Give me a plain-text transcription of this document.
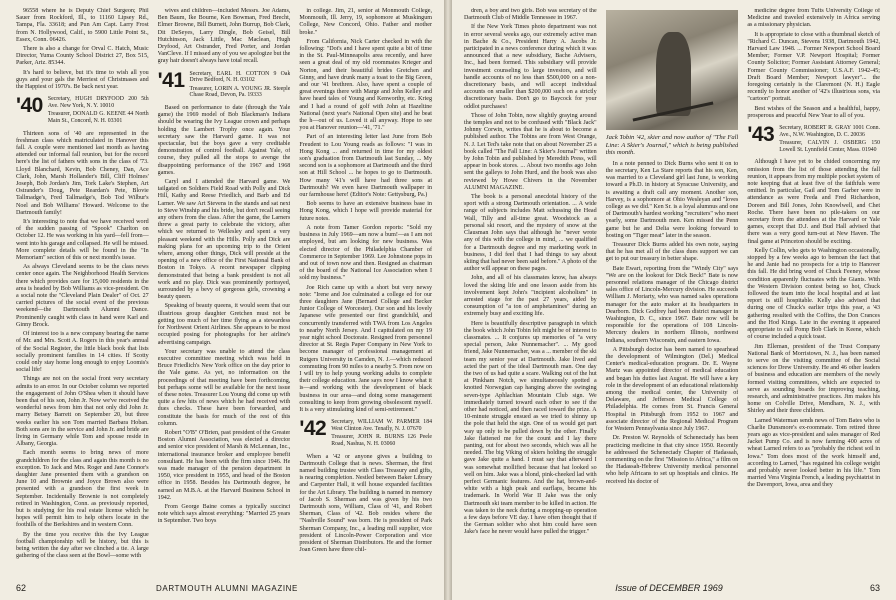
96558 where he is Deputy Chief Surgeon; Phil Sauer from Rockford, Ill., to 11160 Lipsey Rd., Tampa, Fla. 33618; and Pun Am Capt. Larry Frost from N. Hollywood, Calif., to 5900 Little Point St., Essex, Conn. 06426.

There is also a change for Orval C. Hatch, Music Director, Yuma County School District 27, Box 515, Parker, Ariz. 85344.

It's hard to believe, but it's time to wish all you guys and your gals the Merriest of Christmases and the Happiest of 1970's. Be back next year.

'40 Secretary, HUGH DRYFOOD 200 5th Ave. New York, N. Y. 10010
Treasurer, DONALD G. KEENE 44 North Main St., Concord, N. H. 03301

Thirteen sons of '40 are represented in the freshman class which matriculated in Hanover this fall. A couple were mentioned last month as having attended our informal fall reunion, but for the record here's the list of fathers with sons in the class of '73. Lloyd Blanchard, Kevin, Bob Cheney, Dan, Ace Clark, John, Marsh Hollander's Bill, Cliff Holmes' Joseph, Bob Jordan's Jim, Tork Lake's Stephen, Art Ostrander's Doug, Pete Reardan's Pete, Blovie Tallmadge's, Fred Tallmadge's, Bob Tod Wilbur's Noel and Bob Williams' Howard. Welcome to the Dartmouth family!

It's interesting to note that we have received word of the sudden passing of "Spook" Charlton on October 12. He was working in his yard—fell from—went into his garage and collapsed. He will be missed. More complete details will be found in the "In Memoriam" section of this or next month's issue.

As always Cleveland seems to be the class news center once again. The Neighborhood Health Services there which provides care for 15,000 residents in the area is headed by Bob Williams as vice-president. On a social note the "Cleveland Plain Dealer" of Oct. 27 carried pictures of the social event of the previous weekend—the Dartmouth Alumni Dance. Prominently caught with class in hand were Karl and Ginny Brock.

Of interest too is a new company bearing the name of Mr. and Mrs. Scott A. Rogers in this year's annual of the Social Register, the little black book that lists socially prominent families in 14 cities. If Scotty could only stay home long enough to enjoy Loomis's social life!

Things are not on the social front very secretary admits to an error. In our October column we reported the engagement of John O'Shea when it should have been that of his son, John Jr. Now we've received the wonderful news from him that not only did John Jr. marry Betsey Barrett on September 20, but three weeks earlier his son Tom married Barbara Hoban. Both sons are in the service and John Jr. and bride are living in Germany while Tom and spouse reside in Albany, Georgia.

Each month seems to bring news of more grandchildren for the class and again this month is no exception. To Jack and Mrs. Roger and Jane Connor's daughter Jane presented them with a grandson on June 10 and Brownie and Joyce Brown also were presented with a grandson the first week in September. Incidentally Brownie is not completely retired in Washington, Conn. as previously reported, but is studying for his real estate license which he hopes will permit him to help others locate in the foothills of the Berkshires and in western Conn.

By the time you receive this the Ivy League football championship will be history, but this is being written the day after we clinched a tie. A large gathering of the class seen at the Bowl—some with

wives and children—included Messrs. Joe Adams, Ben Baum, Ike Bourne, Ken Bowman, Fred Brecht, Elmer Browne, Bill Burnett, John Burrup, Bob Clark, Dit DeSeyes, Larry Dingle, Bob Geisel, Bill Hutchinson, Jack Little, Mac Maclean, Hugh Dryfood, Art Ostrander, Fred Porter, and Jordan VanCleve. If I missed any of you we apologize but the gray hair doesn't always have total recall.

'41 Secretary, EARL H. COTTON 9 Oak Drive Bedford, N. H. 03102
Treasurer, LORIN A. YOUNG JR. Steeple Chase Road, Devon, Pa. 19333

Based on performance to date (through the Yale game) the 1969 model of Bob Blackman's Indians should be wearing the Ivy League crown and perhaps holding the Lambert Trophy once again. Your secretary saw the Harvard game. It was not spectacular, but the boys gave a very creditable demonstration of control football. Against Yale, of course, they pulled all the stops to avenge the disappointing performance of the 1967 and 1968 games.

Caryl and I attended the Harvard game. We tailgated on Soldiers Field Road with Polly and Dick Hill, Kathy and Reese Friedlich, and Barb and Ed Larner. We saw Art Stevens in the stands and sat next to Steve Winship and his bride, but don't recall seeing any others from the class. After the game, the Larners threw a great party to celebrate the victory, after which we returned to Wellesley and spent a very pleasant weekend with the Hills. Polly and Dick are making plans for an upcoming trip to the Orient where, among other things, Dick will preside at the opening of a new office of the First National Bank of Boston in Tokyo. A recent newspaper clipping demonstrated that being a bank president is not all work and no play. Dick was prominently portrayed, surrounded by a bevy of gorgeous girls, crowning a beauty queen.

Speaking of beauty queens, it would seem that our illustrious group daughter Gretchen must not be getting too much of her time flying as a stewardess for Northwest Orient Airlines. She appears to be most occupied posing for photographs for her airline's advertising campaign.

Your secretary was unable to attend the class executive committee meeting which was held in Bruce Friedlich's New York office on the day prior to the Yale game. As yet, no information on the proceedings of that meeting have been forthcoming, but perhaps some will be available for the next issue of these notes. Treasurer Lou Young did come up with quite a few hits of news which he had received with dues checks. These have been forwarded, and constitute the basis for much of the rest of this column.

Robert "O'B" O'Brien, past president of the Greater Boston Alumni Association, was elected a director and senior vice president of Marsh & McLennan, Inc., international insurance broker and employee benefit consultant. He has been with the firm since 1946. He was made manager of the pension department in 1950, vice president in 1955, and head of the Boston office in 1958. Besides his Dartmouth degree, he earned an M.B.A. at the Harvard Business School in 1942.

From George Baine comes a typically succinct note which says almost everything: "Married 25 years in September. Two boys

in college. Jim, 21, senior at Monmouth College, Monmouth, Ill. Jerry, 19, sophomore at Muskingum College, New Concord, Ohio. Father and mother broke."

From California, Nick Carter checked in with the following: "Dot's and I have spent quite a bit of time in the St. Paul-Minneapolis area recently, and have seen a great deal of my old roommates Krieger and Norton, and their beautiful brides Gretchen and Ginny, and have drunk many a toast to the Big Green, and our '41 brethren. Also, have spent a couple of great evenings there with Marge and John Kelley and have heard tales of Young and Kenworthy, etc. Krieg and I had a round of golf with John at Hazeltine National (next year's National Open site) and he beat the h—out of us. Loved it all anyway. Hope to see you at Hanover reunion—'41, '71."

Part of an interesting letter last June from Bob Freudent to Lou Young reads as follows: "I was in Hong Kong ... and returned in time for my oldest son's graduation from Dartmouth last Sunday, ... My second son is a sophomore at Dartmouth and the third son at Hill School ... he hopes to go to Dartmouth. How many '41's will have had three sons at Dartmouth? We even have Dartmouth wallpaper in our farmhouse here! (Editor's Note: Gettysburg, Pa.)

Bob seems to have an extensive business base in Hong Kong, which I hope will provide material for future notes.

A note from Tamer Gordon reports: "Sold my business in July 1969—am now a bum!—as I am not employed, but am looking for new business. Was elected director of the Philadelphia Chamber of Commerce in September 1969. Lee Johnstone pops in and out of town now and then. Resigned as chairman of the board of the National Ice Association when I sold my business."

Joe Rich came up with a short but very newsy note: "Irene and Joe culminated a college ed for our three daughters Jane (Bernard College and Becker Junior College of Worcester). Our son and his lovely Japanese wife presented our first grandchild, and concurrently transferred with TWA from Los Angeles to nearby North Jersey. And I capitulated on my 19 year night school Doctorate. Resigned from personnel director at St. Regis Paper Company in New York to become manager of professional management at Rutgers University in Camden, N. J.—which reduced commuting from 90 miles to a nearby 5. From now on I will try to help young working adults to complete their college education. Jane says now I know what it is—and working with the development of black business in our area—and doing some management consulting to keep from growing obsolescent myself. It is a very stimulating kind of semi-retirement."

'42 Secretary, WILLIAM W. PARMER 184 West Clinton Ave. Tenafly, N. J. 07670
Treasurer, JOHN R. BURNS 126 Peele Road, Nashua, N. H. 03060

When a '42 or anyone gives a building to Dartmouth College that is news. Sherman, the first named building trustee with Class Treasury and gifts, is nearing completion. Nestled between Baker Library and Carpenter Hall, it will house expanded facilities for the Art Library. The building is named in memory of Jacob S. Sherman and was given by his two Dartmouth sons, William, Class of '41, and Robert Sherman, Class of '42. Bob resides where the "Nashville Sound" was born. He is president of Park Sherman Company, Inc., a leading mill supplier, vice president of Lincoln-Power Corporation and vice president of Sherman Distributors. He and the former Joan Green have three chil-

62	DARTMOUTH ALUMNI MAGAZINE

dren, a boy and two girls. Bob was secretary of the Dartmouth Club of Middle Tennessee in 1967.

If the New York Times photo department was not in error several weeks ago, our extremely active man in Bache & Co., President Harry A. Jacobs Jr. participated in a news conference during which it was announced that a new subsidiary, Bache Advisers, Inc., had been formed. This subsidiary will provide investment counseling to large investors, and will handle accounts of no less than $500,000 on a non-discretionary basis, and will accept individual accounts on smaller than $200,000 such on a strictly discretionary basis. Don't go to Baycock for your oddlot purchases!

Those of John Tobin, now slightly graying around the temples and not to be confused with "Black Jack" Johnny Corwin, writes that he is about to become a published author. The Tobins are from West Orange, N. J. Let Ted's take note that on about November 25 a book called "The Fall Line: A Skier's Journal" written by John Tobin and published by Meredith Press, will appear in book stores. ... About two months ago John sent the galleys to John Hurd, and the book was also reviewed by Howe Chivers in the November ALUMNI MAGAZINE.

The book is a personal anecdotal history of the sport with a strong Dartmouth orientation. ... A wide range of subjects includes Matt schussing the Head Wall, Tilly and all-time great. Woodstock as a personal ski resort, and the mystery of snow at the Clausman John says that although he "never wrote any of this with the college in mind, ... we qualified for a Dartmouth degree and my marketing work in business, I did feel that I had things to say about skiing that had never been said before." A photo of the author will appear on these pages.

John, and all of his classmates know, has always loved the skiing life and one lesson aside from his involvement kept John's "incipient alcoholism" in arrested stage for the past 27 years, aided by consumption of "a ton of amphetamines" during an extremely busy and exciting life.

Here is beautifully descriptive paragraph in which the book which John Tobin felt might be of interest to classmates. ... It conjures up memories of "a very special person, Jake Nunnemacher". ... My good friend, Jake Nunnemacher, was a ... member of the ski team my senior year at Dartmouth. Jake lived and acted the part of the ideal Dartmouth man. One day the two of us had quite a scare. Walking out of the hut at Pinkham Notch, we simultaneously spotted a knotted Norwegian cap hanging above the swinging seven-type Aphlachian Mountain Club sign. We immediately turned toward each other to see if the other had noticed, and then raced toward the prize. A 10-minute struggle ensued as we tried to shinny up the pole that held the sign. One of us would get part way up only to be pulled down by the other. Finally Jake flattened me for the count and I lay there panting, out for about two seconds, which was all he needed. The big Viking of skiers holding the struggle gave Jake quite a hand. I must say that afterward I was somewhat mollified because that hat looked so well on him. Jake was a blond, pink-cheeked lad with perfect Germanic features. And the hat, brown-and-white with a high peak and earflaps, became his trademark. In World War II Jake was the only Dartmouth ski team member to be killed in action. He was taken to the neck during a mopping-up operation a few days before VE day. I have often thought that if the German soldier who shot him could have seen Jake's face he never would have pulled the trigger."

Jack Tobin '42, skier and now author of "The Fall Line: A Skier's Journal," which is being published this month.

In a note penned to Dick Burns who sent it on to the secretary, Ken La Stare reports that his son, Ken, was married to a Cleveland girl last June, is working toward a Ph.D. in history at Syracuse University, and is awaiting a draft call any moment. Another son, Harvey, is a sophomore at Ohio Wesleyan and "loves college as we did." Ken Sr. is a loyal alumnus and one of Dartmouth's hardest working "recruiters" who meet yearly, some Dartmouth men. Ken missed the Penn game but he and Delia were looking forward to hosting on "Tiger meat" later in the season.

Treasurer Dick Burns added his own note, saying that he has met all of the class dues support we can get to put our treasury in better shape.

Bate Ewart, reporting from the "Windy City" says "We are on the lookout for Dick Beck!" Bate is now personnel relations manager of the Chicago district sales office of Lincoln-Mercury division. He succeeds William J. Moriarty, who was named sales operations manager for the auto maker at its headquarters in Dearborn. Dick Godfrey had been district manager in Washington, D. C., since 1967. Bate now will be responsible for the operations of 108 Lincoln-Mercury dealers in northern Illinois, northwest Indiana, southern Wisconsin, and eastern Iowa.

A Pittsburgh doctor has been named to spearhead the development of Wilmington (Del.) Medical Center's medical-education program. Dr. E. Wayne Martz was appointed director of medical education and began his duties last August. He will have a key role in the development of an educational relationship among the medical center, the University of Delaware, and Jefferson Medical College of Philadelphia. He comes from St. Francis General Hospital in Pittsburgh from 1952 to 1967 and associate director of the Regional Medical Program for Western Pennsylvania since July 1967.

Dr. Preston W. Reynolds of Schenectady has been practicing medicine in that city since 1950. Recently he addressed the Schenectady Chapter of Hadassah, commenting on the first "Mission to Africa," a film on the Hadassah-Hebrew University medical personnel who help Africans to set up hospitals and clinics. He received his doctor of

medicine degree from Tufts University College of Medicine and traveled extensively in Africa serving as a missionary physician.

It is appropriate to close with a thumbnail sketch of "Richard C. Duncan, Stevens 1938, Dartmouth 1942, Harvard Law 1948. ... Former Newport School Board Member; Former V.P. Newport Hospital; Former County Solicitor; Former Assistant Attorney General; Former County Commissioner; U.S.A.F. 1942-45; Draft Board Member; Newport lawyer"... the foregoing certainly is the Claremont (N. H.) Eagle recently to honor another of '42's illustrious sons, via "cartoon" portrait.

Best wishes of the Season and a healthful, happy, prosperous and peaceful New Year to all of you.

'43 Secretary, ROBERT R. GRAY 1001 Conn. Ave., N.W. Washington, D. C. 20036
Treasurer, CALVIN J. OSBERG 150 Lowell St. Lynnfield Center, Mass. 01940

Although I have yet to be chided concerning my omission from the list of those attending the fall reunion, it appears from my multiple pocket system of note keeping that at least five of the faithfuls were omitted. In particular, Gail and Tom Garber were in attendance as were Freda and Fred Richardson, Doreen and Bill Jones, John Knowlwell, and Chet Roche. There have been no pile-takers on our secretary from the attendees at the Harvard or Yale games, except that D.J. and Bud Hall advised that there was a very good turn-out at New Haven. The final game at Princeton should be exciting.

Kelly Collin, who gets to Washington occasionally, stopped by a few weeks ago to bemoan the fact that he and Janie had no prospects for a trip to Hanover this fall. He did bring word of Chuck Feeney, whose condition apparently fluctuates with the Giants. With the Western Division contest being so hot, Chuck followed the team into the local hospital and at last report is still hospitable. Kelly also advised that during one of Chuck's earlier trips this year, a '43 gathering resulted with the Coffins, the Don Crances and the Hod Kings. Late in the evening it appeared appropriate to call Pomp Bob Clark in Keene, which of course included a quick toast.

Jim Elleman, president of the Trust Company National Bank of Morristown, N. J., has been named to serve on the visiting committee of the Social sciences for Drew University. He and 46 other leaders of business and education are members of the newly formed visiting committees, which are expected to serve as sounding boards for improving teaching, research, and administrative practices. Jim makes his home on Colville Drive, Mendham, N. J., with Shirley and their three children.

Larned Waterman sends news of Tom Bates who is Charlie Dunsmore's ex-roommate. Tom retired three years ago as vice-president and sales manager of Red Jacket Pump Co. and is now farming 400 acres of wheat Larned refers to as "probably the richest soil in Iowa." Tom does most of the work himself and, according to Larned, "has regained his college weight and probably never looked better in his life." Tom married Vera Virginia French, a leading psychiatrist in the Davenport, Iowa, area and they

Issue of DECEMBER 1969	63
